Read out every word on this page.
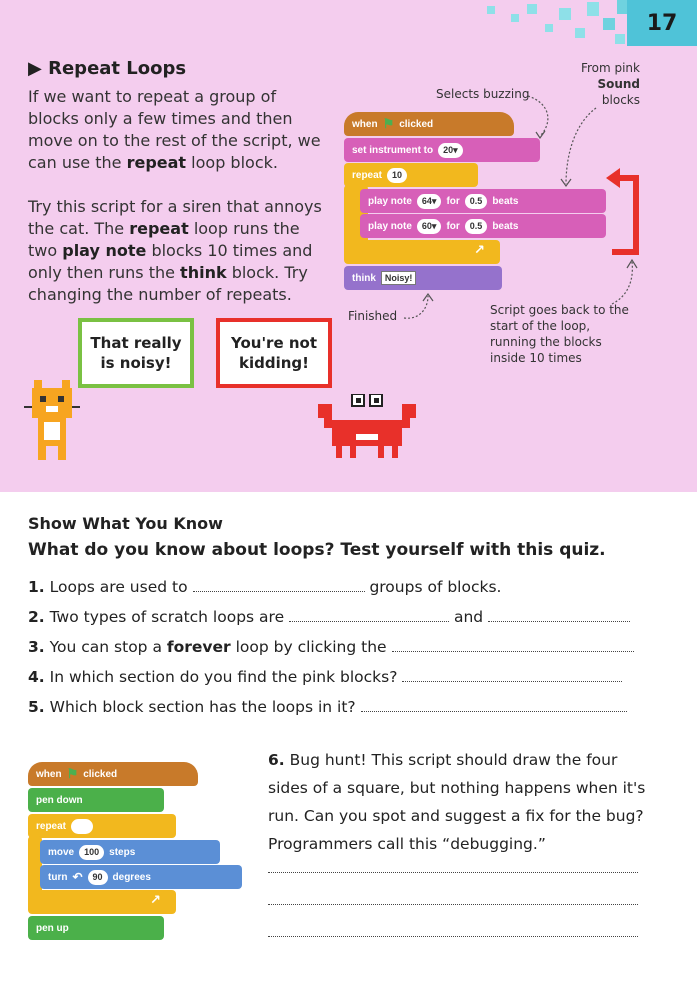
17
▶ Repeat Loops
If we want to repeat a group of blocks only a few times and then move on to the rest of the script, we can use the repeat loop block.
Try this script for a siren that annoys the cat. The repeat loop runs the two play note blocks 10 times and only then runs the think block. Try changing the number of repeats.
Selects buzzing
From pink
Sound
blocks
Finished	Script goes back to the start of the loop, running the blocks inside 10 times
when ⚑ clicked
set instrument to 20 ▾
repeat	10
play note 64 ▾	for	0.5	beats
play note 60 ▾	for	0.5	beats
↗
think	Noisy!
That really is noisy!
You're not kidding!
Show What You Know
What do you know about loops? Test yourself with this quiz.
1. Loops are used to	groups of blocks.
2. Two types of scratch loops are	and
3. You can stop a forever loop by clicking the
4. In which section do you find the pink blocks?
5. Which block section has the loops in it?
when ⚑ clicked
pen down
repeat
move	100	steps
turn ↶	90	degrees
↗
pen up
6. Bug hunt! This script should draw the four sides of a square, but nothing happens when it's run. Can you spot and suggest a fix for the bug? Programmers call this “debugging.”
